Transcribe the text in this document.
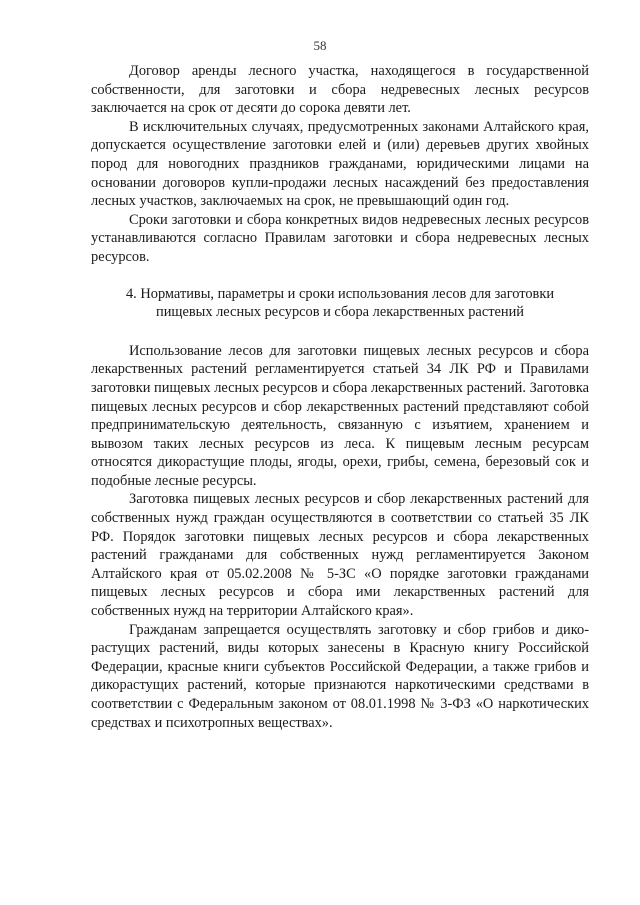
58

Договор аренды лесного участка, находящегося в государственной собственности, для заготовки и сбора недревесных лесных ресурсов заключается на срок от десяти до сорока девяти лет.

В исключительных случаях, предусмотренных законами Алтайского края, допускается осуществление заготовки елей и (или) деревьев других хвойных пород для новогодних праздников гражданами, юридическими лицами на основании договоров купли-продажи лесных насаждений без предоставления лесных участков, заключаемых на срок, не превышающий один год.

Сроки заготовки и сбора конкретных видов недревесных лесных ресурсов устанавливаются согласно Правилам заготовки и сбора недревесных лесных ресурсов.

4. Нормативы, параметры и сроки использования лесов для заготовки пищевых лесных ресурсов и сбора лекарственных растений

Использование лесов для заготовки пищевых лесных ресурсов и сбора лекарственных растений регламентируется статьей 34 ЛК РФ и Правилами заготовки пищевых лесных ресурсов и сбора лекарственных растений. Заготовка пищевых лесных ресурсов и сбор лекарственных растений представляют собой предпринимательскую деятельность, связанную с изъятием, хранением и вывозом таких лесных ресурсов из леса. К пищевым лесным ресурсам относятся дикорастущие плоды, ягоды, орехи, грибы, семена, березовый сок и подобные лесные ресурсы.

Заготовка пищевых лесных ресурсов и сбор лекарственных растений для собственных нужд граждан осуществляются в соответствии со статьей 35 ЛК РФ. Порядок заготовки пищевых лесных ресурсов и сбора лекарственных растений гражданами для собственных нужд регламентируется Законом Алтайского края от 05.02.2008 № 5-ЗС «О порядке заготовки гражданами пищевых лесных ресурсов и сбора ими лекарственных растений для собственных нужд на территории Алтайского края».

Гражданам запрещается осуществлять заготовку и сбор грибов и дикорастущих растений, виды которых занесены в Красную книгу Российской Федерации, красные книги субъектов Российской Федерации, а также грибов и дикорастущих растений, которые признаются наркотическими средствами в соответствии с Федеральным законом от 08.01.1998 № 3-ФЗ «О наркотических средствах и психотропных веществах».
